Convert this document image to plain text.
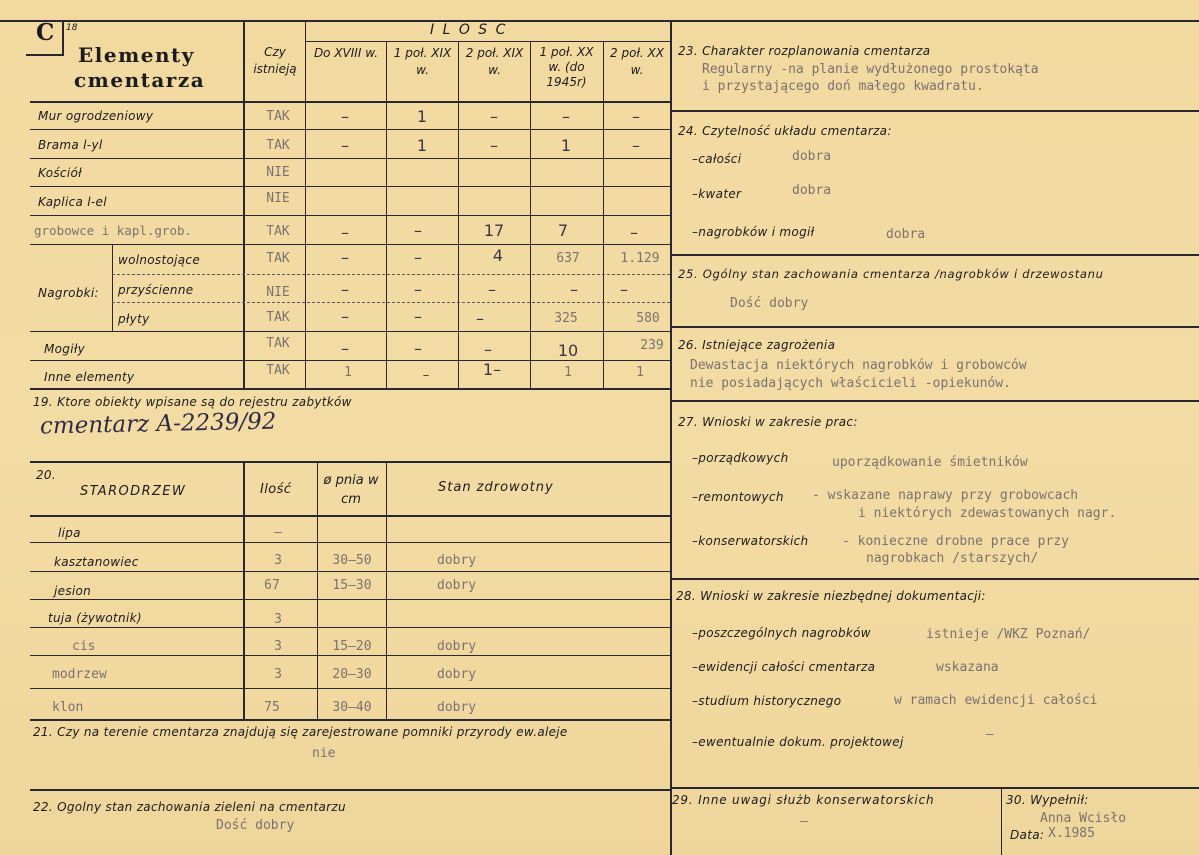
C 18
Elementy
cmentarza
Czy istnieją
I L O S C
Do XVIII w.	1 poł. XIX w.
2 poł. XIX w.
1 poł. XX w. (do 1945r)
2 poł. XX w.
Mur ogrodzeniowy	TAK	–	1	–	–	–
Brama l-yl	TAK	–	1	–	1	–
Kościół	NIE
Kaplica l-el	NIE
grobowce i kapl.grob.	TAK	–	–	17	7	–
Nagrobki:
wolnostojące	TAK	–	–	4	637	1.129
przyścienne	NIE	–	–	–	–	–
płyty	TAK	–	–	–	325	580
Mogiły	TAK	–	–	–	10	239
Inne elementy	TAK	1	–	1–	1	1
19. Ktore obiekty wpisane są do rejestru zabytków
cmentarz A-2239/92
20.
STARODRZEW	Ilość
ø pnia w cm
Stan zdrowotny
lipa	–
kasztanowiec	3	30–50	dobry
jesion	67	15–30	dobry
tuja (żywotnik)	3
cis	3	15–20	dobry
modrzew	3	20–30	dobry
klon	75	30–40	dobry
21. Czy na terenie cmentarza znajdują się zarejestrowane pomniki przyrody ew.aleje
nie
22. Ogolny stan zachowania zieleni na cmentarzu
Dość dobry
23. Charakter rozplanowania cmentarza
Regularny -na planie wydłużonego prostokąta
i przystającego doń małego kwadratu.
24. Czytelność układu cmentarza:
–całości	dobra
–kwater	dobra
–nagrobków i mogił	dobra
25. Ogólny stan zachowania cmentarza /nagrobków i drzewostanu
Dość dobry
26. Istniejące zagrożenia
Dewastacja niektórych nagrobków i grobowców
nie posiadających właścicieli -opiekunów.
27. Wnioski w zakresie prac:
–porządkowych	uporządkowanie śmietników
–remontowych - wskazane naprawy przy grobowcach
i niektórych zdewastowanych nagr.
–konserwatorskich	- konieczne drobne prace przy
nagrobkach /starszych/
28. Wnioski w zakresie niezbędnej dokumentacji:
–poszczególnych nagrobków	istnieje /WKZ Poznań/
–ewidencji całości cmentarza	wskazana
–studium historycznego	w ramach ewidencji całości
–ewentualnie dokum. projektowej	–
29. Inne uwagi służb konserwatorskich
–
30. Wypełnił:
Anna Wcisło
Data: X.1985
